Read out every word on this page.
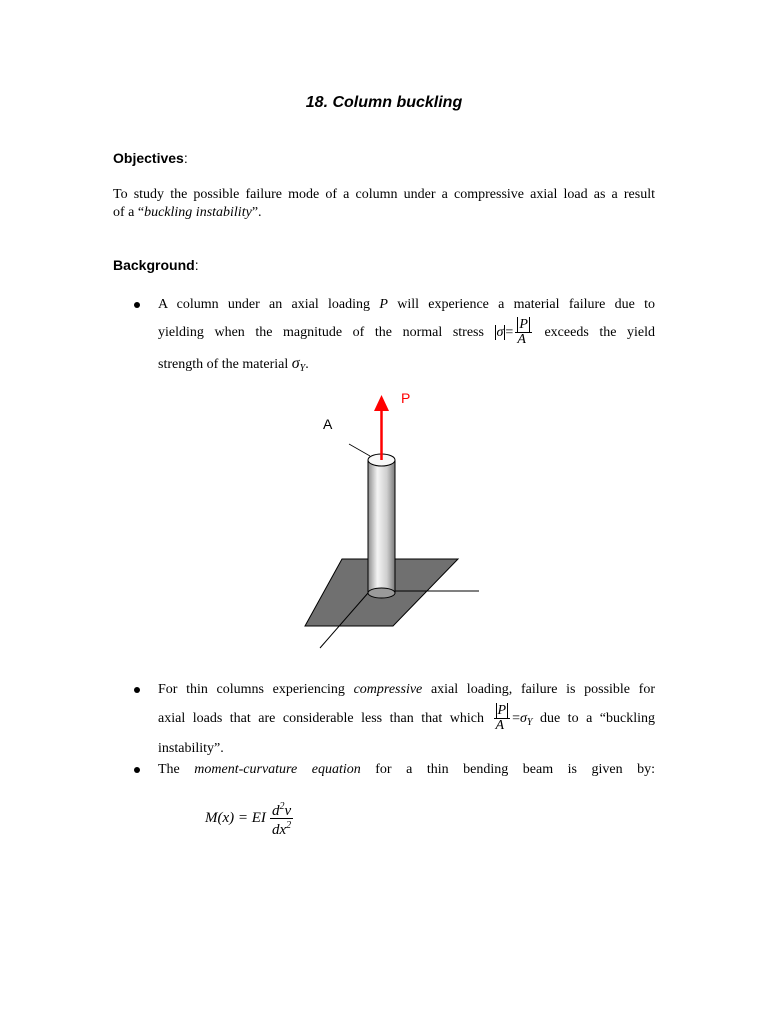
18. Column buckling
Objectives:
To study the possible failure mode of a column under a compressive axial load as a result
of a “buckling instability”.
Background:
A column under an axial loading P will experience a material failure due to
yielding when the magnitude of the normal stress $\sigma = \frac{P}{A}$ exceeds the yield
strength of the material $\sigma_Y$.
P
A
For thin columns experiencing compressive axial loading, failure is possible for
axial loads that are considerable less than that which $\frac{P}{A} =\sigma_Y$ due to a “buckling
instability”.
The moment-curvature equation for a thin bending beam is given by:
M(x) = EI $\frac{d^2v}{dx^2}$
